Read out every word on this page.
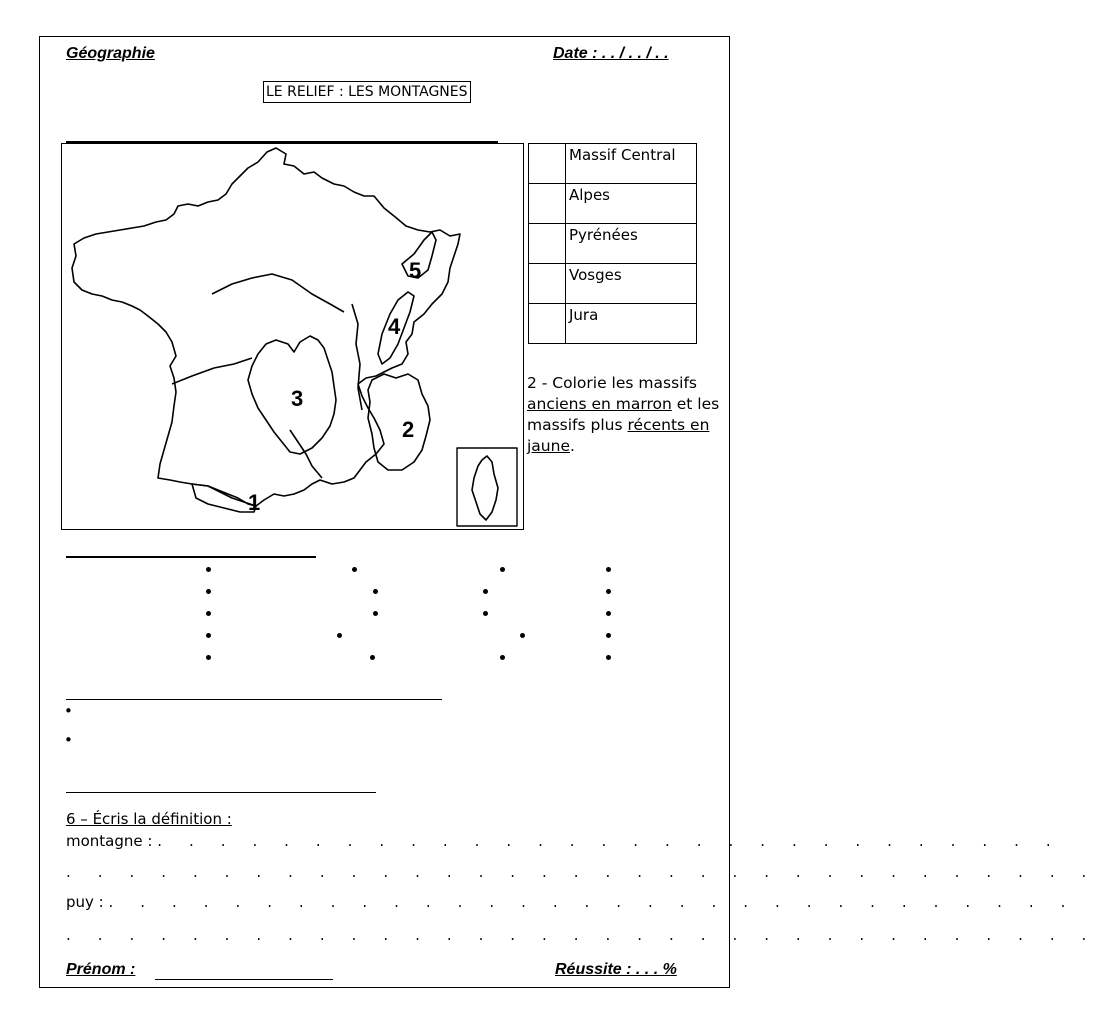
Géographie	Date : . . / . . / . .
LE RELIEF : LES MONTAGNES
1
2
3
4
5
	Massif Central
	Alpes
	Pyrénées
	Vosges
	Jura
2 - Colorie les massifs anciens en marron et les massifs plus récents en jaune.
•
•
6 – Écris la définition :
montagne : . . . . . . . . . . . . . . . . . . . . . . . . . . . . .
. . . . . . . . . . . . . . . . . . . . . . . . . . . . . . . . .
puy : . . . . . . . . . . . . . . . . . . . . . . . . . . . . . . .
. . . . . . . . . . . . . . . . . . . . . . . . . . . . . . . . .
Prénom :	Réussite : . . . %
